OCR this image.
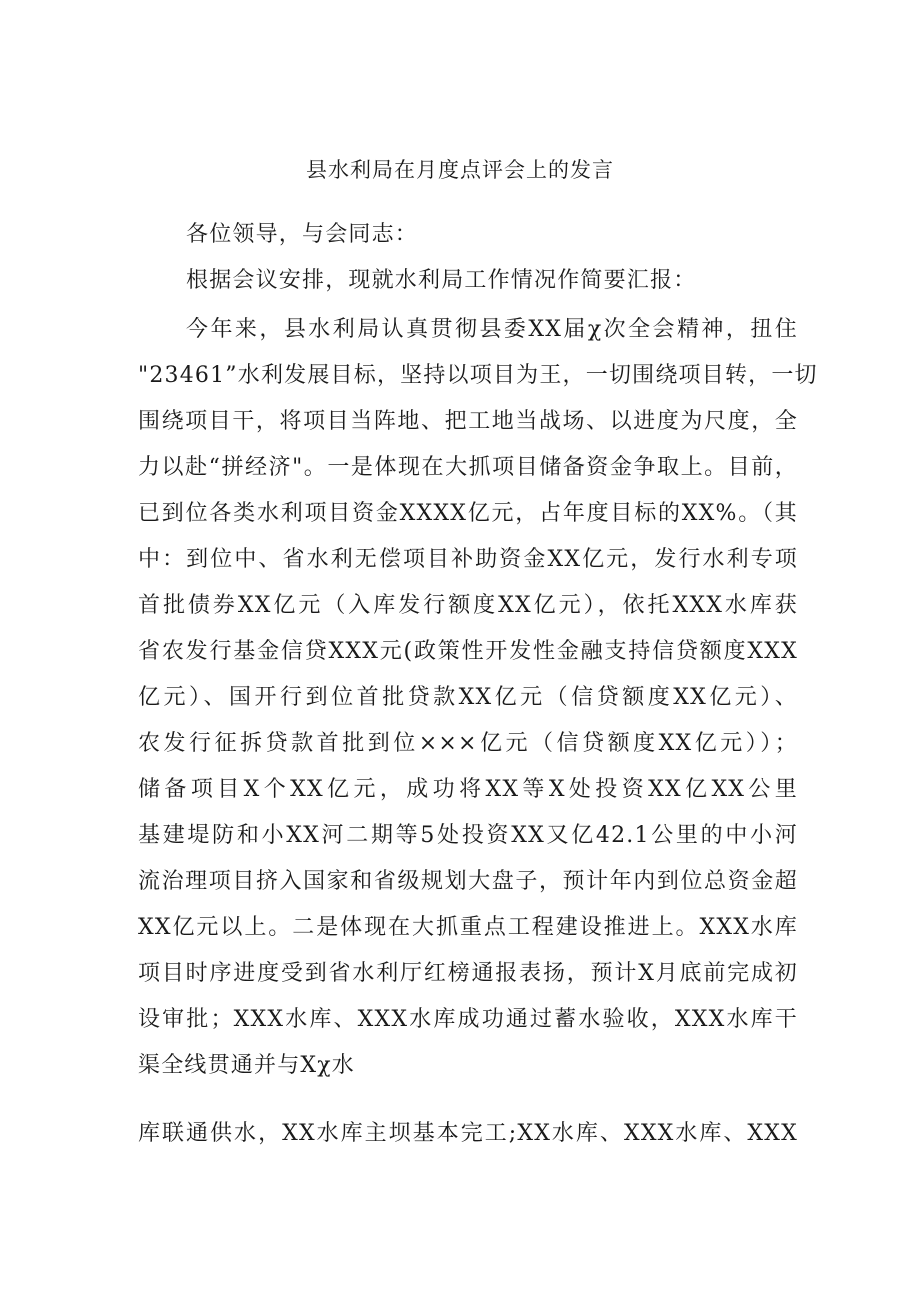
县水利局在月度点评会上的发言

各位领导，与会同志：

根据会议安排，现就水利局工作情况作简要汇报：

今年来，县水利局认真贯彻县委XX届χ次全会精神，扭住

"23461”水利发展目标，坚持以项目为王，一切围绕项目转，一切

围绕项目干，将项目当阵地、把工地当战场、以进度为尺度，全

力以赴“拼经济"。一是体现在大抓项目储备资金争取上。目前，

已到位各类水利项目资金XXXX亿元，占年度目标的XX%。（其

中：到位中、省水利无偿项目补助资金XX亿元，发行水利专项

首批债券XX亿元（入库发行额度XX亿元），依托XXX水库获

省农发行基金信贷XXX元(政策性开发性金融支持信贷额度XXX

亿元）、国开行到位首批贷款XX亿元（信贷额度XX亿元）、

农发行征拆贷款首批到位×××亿元（信贷额度XX亿元））；

储备项目X个XX亿元，成功将XX等X处投资XX亿XX公里

基建堤防和小XX河二期等5处投资XX又亿42.1公里的中小河

流治理项目挤入国家和省级规划大盘子，预计年内到位总资金超

XX亿元以上。二是体现在大抓重点工程建设推进上。XXX水库

项目时序进度受到省水利厅红榜通报表扬，预计X月底前完成初

设审批；XXX水库、XXX水库成功通过蓄水验收，XXX水库干

渠全线贯通并与Xχ水

库联通供水，XX水库主坝基本完工;XX水库、XXX水库、XXX
